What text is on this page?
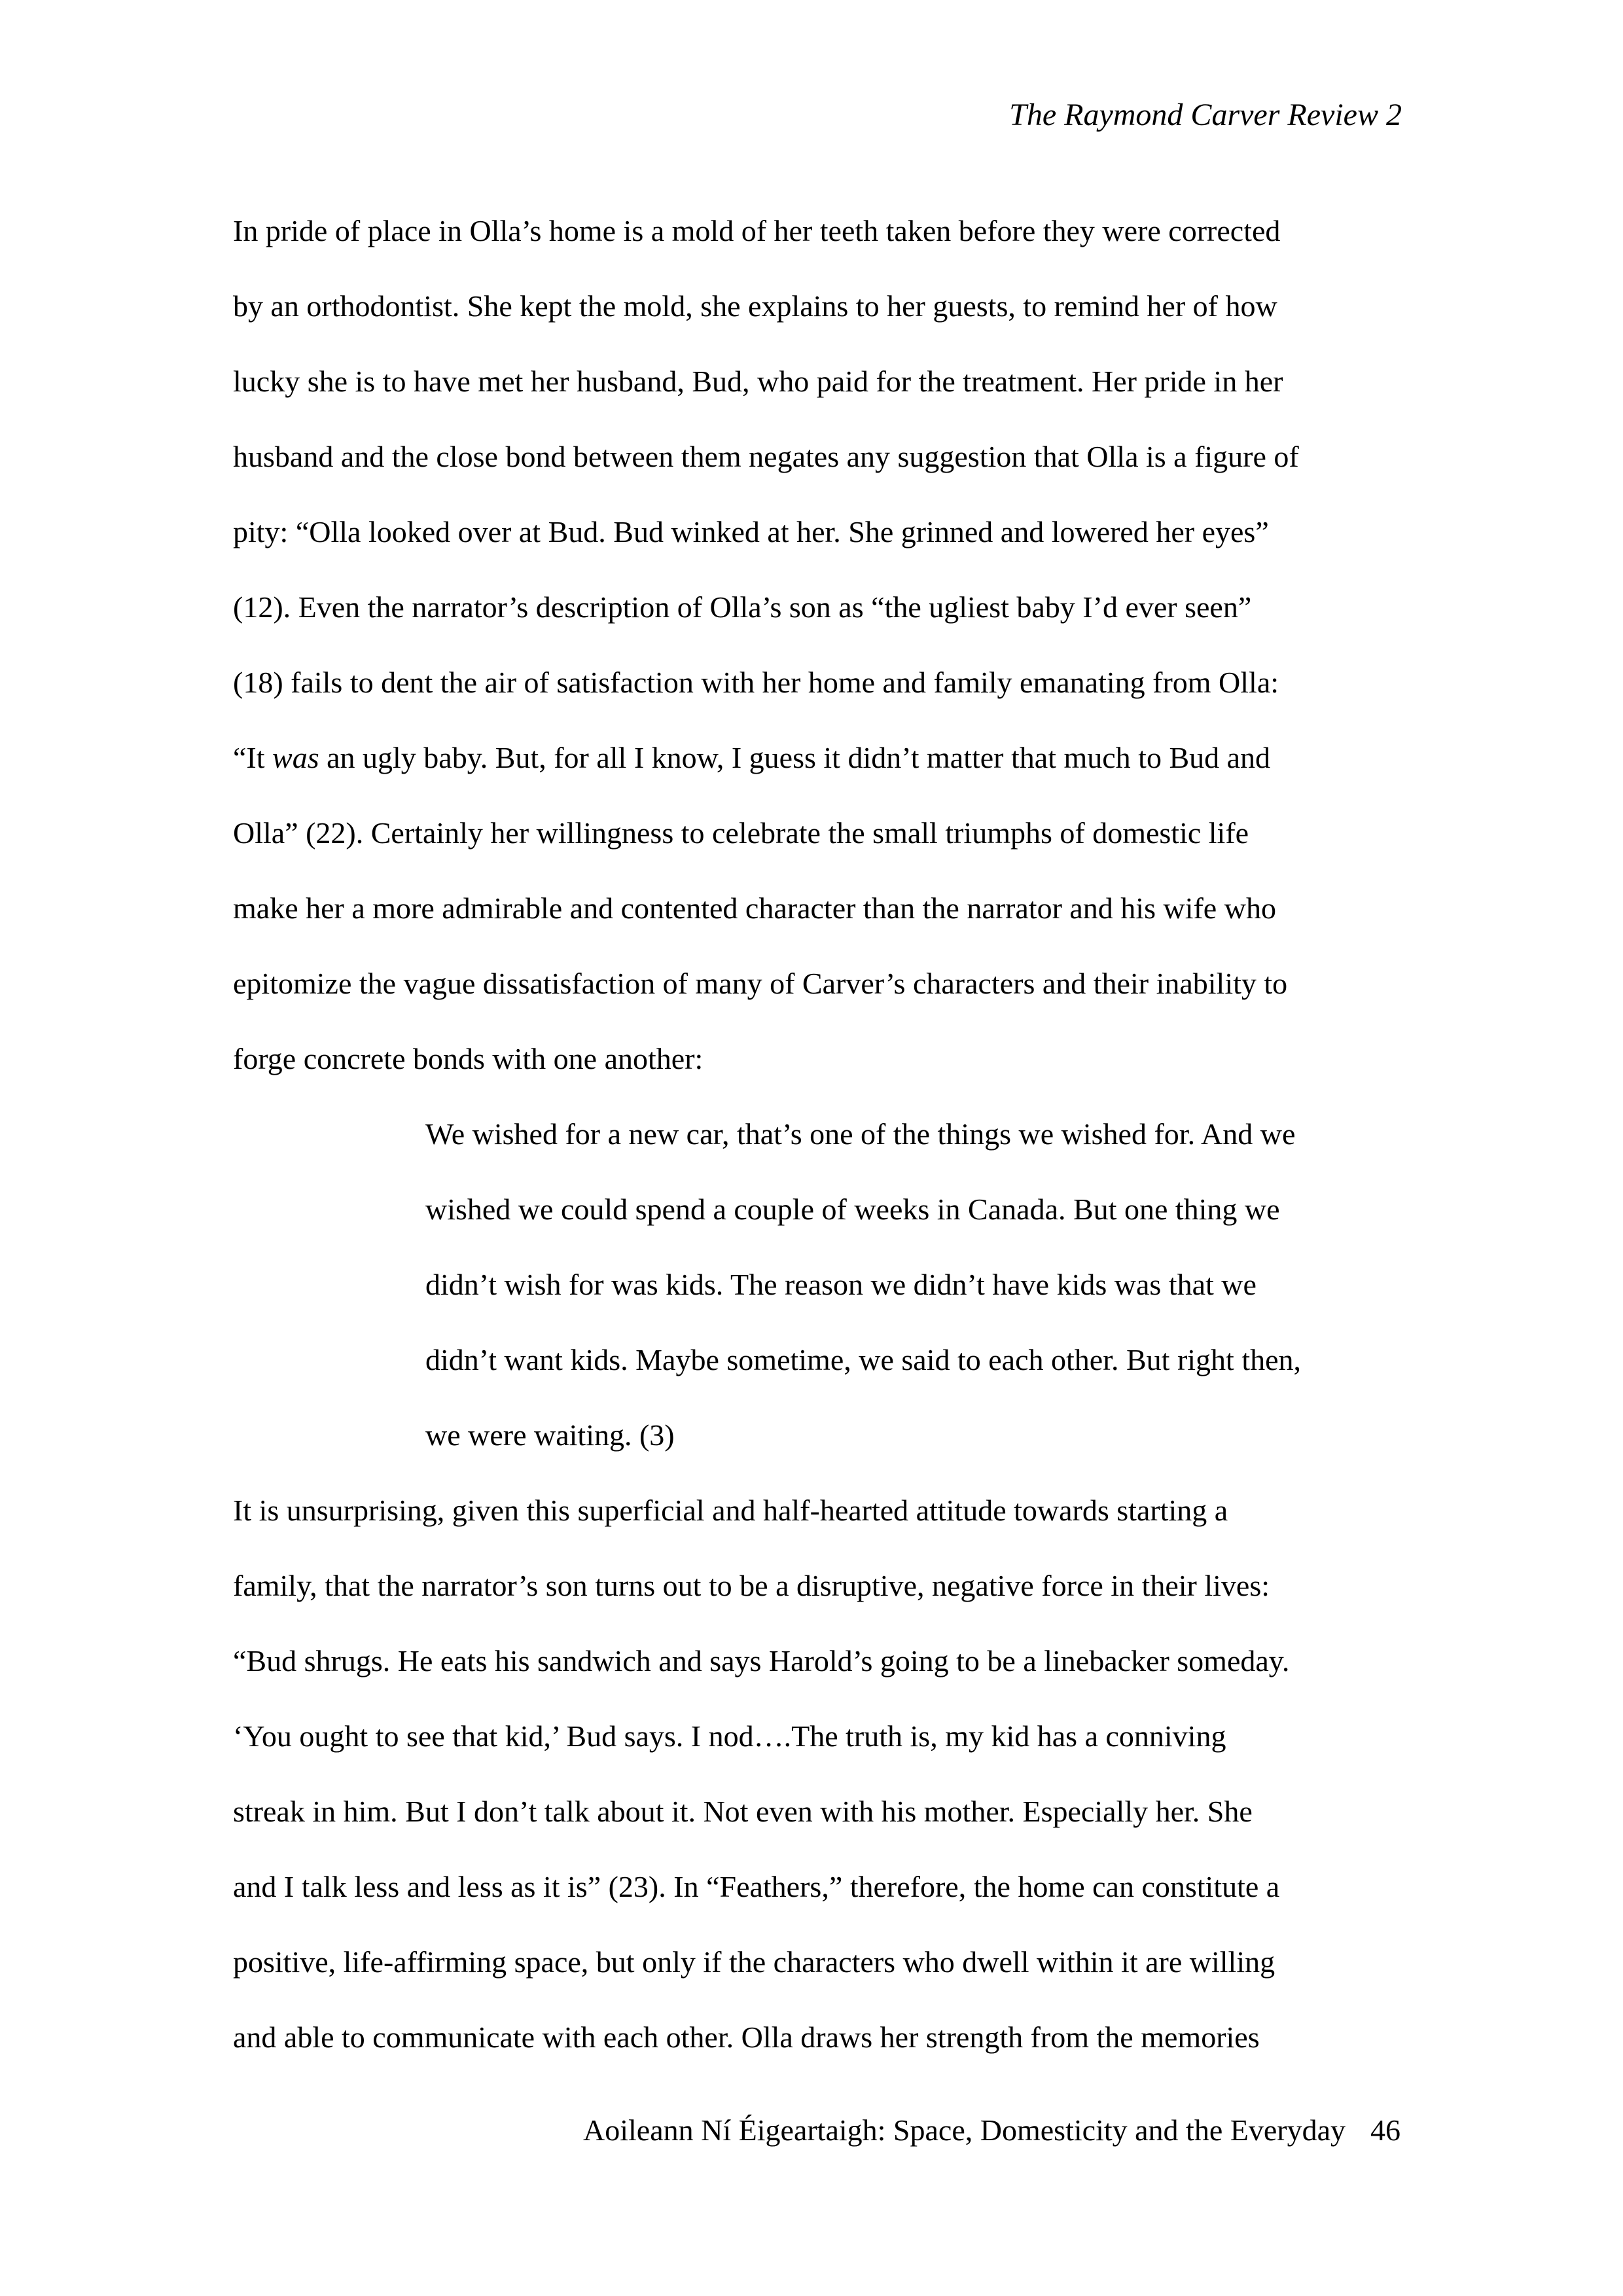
The Raymond Carver Review 2
In pride of place in Olla’s home is a mold of her teeth taken before they were corrected
by an orthodontist. She kept the mold, she explains to her guests, to remind her of how
lucky she is to have met her husband, Bud, who paid for the treatment. Her pride in her
husband and the close bond between them negates any suggestion that Olla is a figure of
pity: “Olla looked over at Bud. Bud winked at her. She grinned and lowered her eyes”
(12). Even the narrator’s description of Olla’s son as “the ugliest baby I’d ever seen”
(18) fails to dent the air of satisfaction with her home and family emanating from Olla:
“It was an ugly baby. But, for all I know, I guess it didn’t matter that much to Bud and
Olla” (22). Certainly her willingness to celebrate the small triumphs of domestic life
make her a more admirable and contented character than the narrator and his wife who
epitomize the vague dissatisfaction of many of Carver’s characters and their inability to
forge concrete bonds with one another:
We wished for a new car, that’s one of the things we wished for. And we
wished we could spend a couple of weeks in Canada. But one thing we
didn’t wish for was kids. The reason we didn’t have kids was that we
didn’t want kids. Maybe sometime, we said to each other. But right then,
we were waiting. (3)
It is unsurprising, given this superficial and half-hearted attitude towards starting a
family, that the narrator’s son turns out to be a disruptive, negative force in their lives:
“Bud shrugs. He eats his sandwich and says Harold’s going to be a linebacker someday.
‘You ought to see that kid,’ Bud says. I nod….The truth is, my kid has a conniving
streak in him. But I don’t talk about it. Not even with his mother. Especially her. She
and I talk less and less as it is” (23). In “Feathers,” therefore, the home can constitute a
positive, life-affirming space, but only if the characters who dwell within it are willing
and able to communicate with each other. Olla draws her strength from the memories
Aoileann Ní Éigeartaigh: Space, Domesticity and the Everyday 46
